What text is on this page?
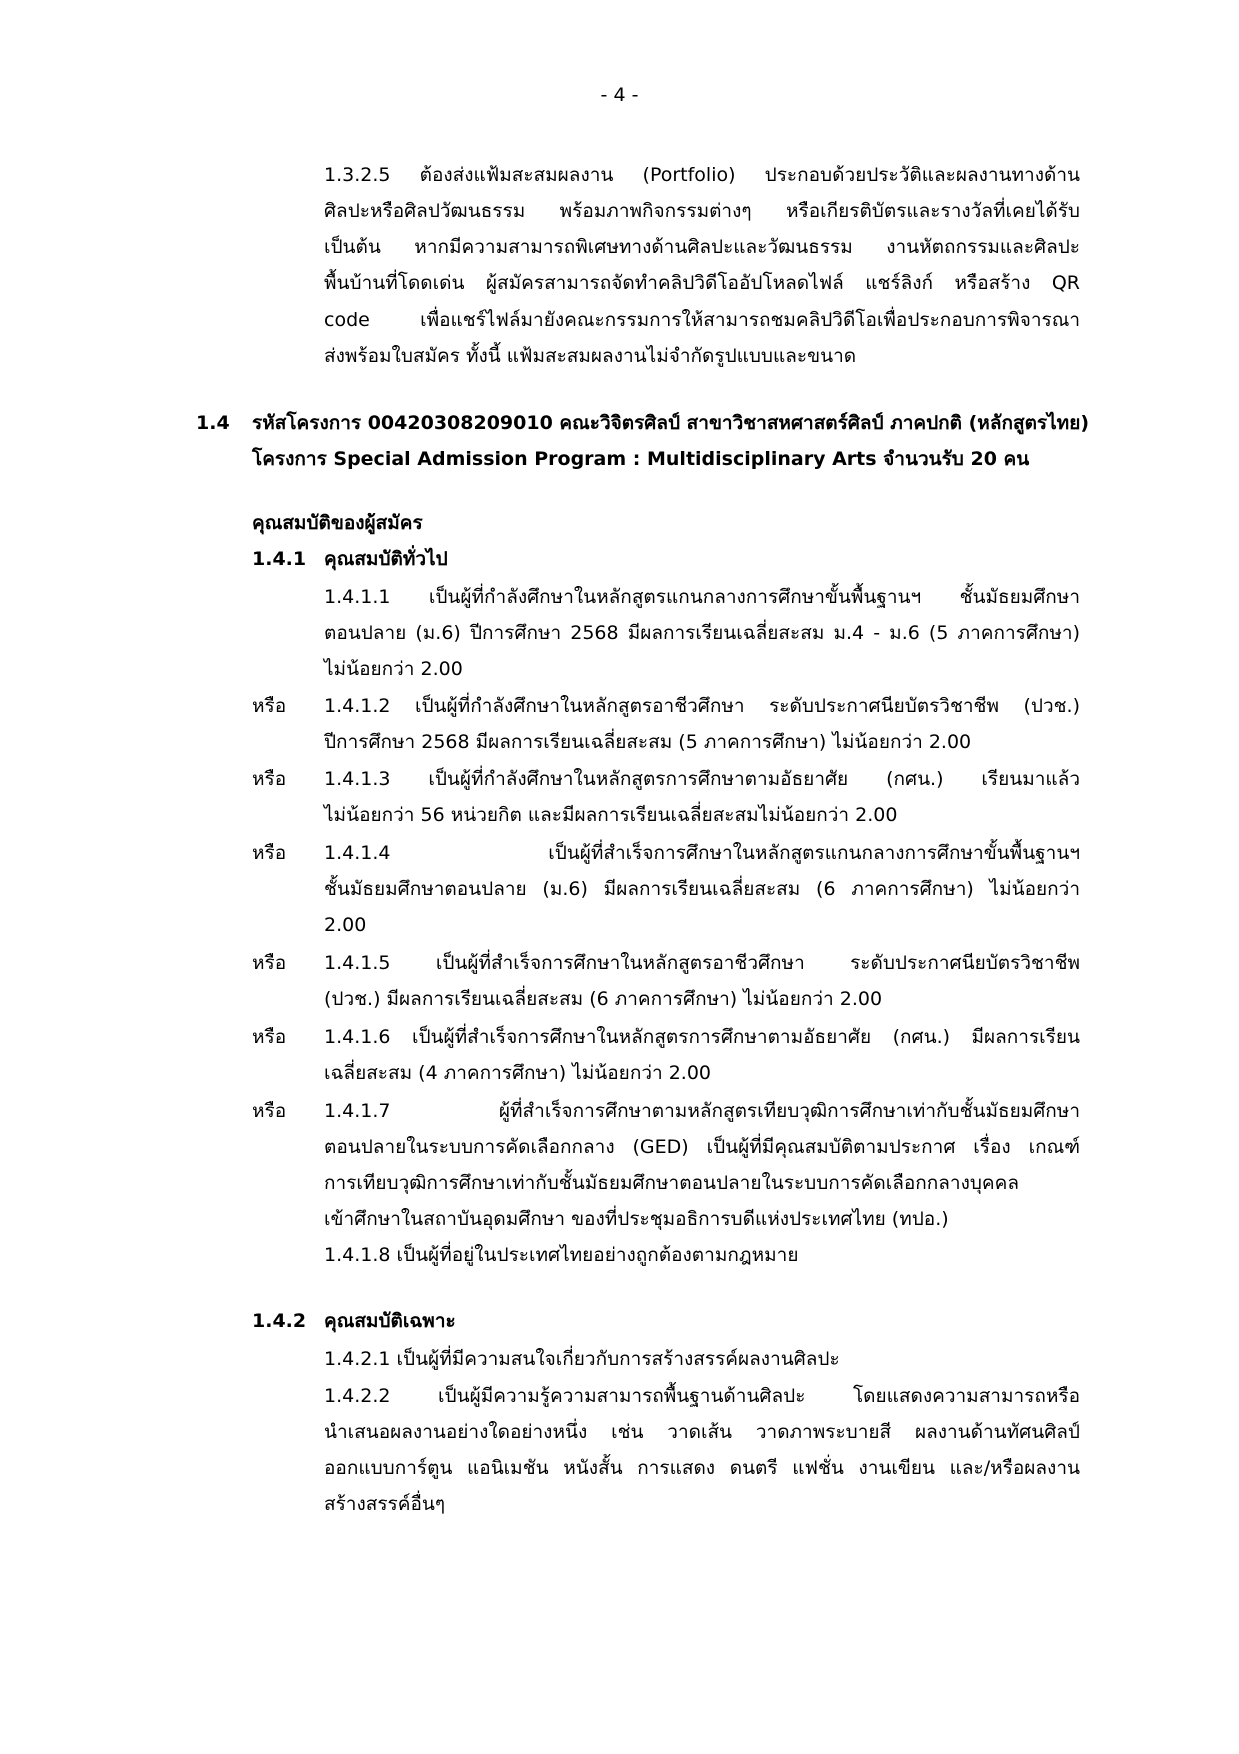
- 4 -
1.3.2.5 ต้องส่งแฟ้มสะสมผลงาน (Portfolio) ประกอบด้วยประวัติและผลงานทางด้าน
ศิลปะหรือศิลปวัฒนธรรม พร้อมภาพกิจกรรมต่างๆ หรือเกียรติบัตรและรางวัลที่เคยได้รับ
เป็นต้น หากมีความสามารถพิเศษทางด้านศิลปะและวัฒนธรรม งานหัตถกรรมและศิลปะ
พื้นบ้านที่โดดเด่น ผู้สมัครสามารถจัดทำคลิปวิดีโออัปโหลดไฟล์ แชร์ลิงก์ หรือสร้าง QR
code เพื่อแชร์ไฟล์มายังคณะกรรมการให้สามารถชมคลิปวิดีโอเพื่อประกอบการพิจารณา
ส่งพร้อมใบสมัคร ทั้งนี้ แฟ้มสะสมผลงานไม่จำกัดรูปแบบและขนาด
1.4 รหัสโครงการ 00420308209010 คณะวิจิตรศิลป์ สาขาวิชาสหศาสตร์ศิลป์ ภาคปกติ (หลักสูตรไทย)
โครงการ Special Admission Program : Multidisciplinary Arts จำนวนรับ 20 คน
คุณสมบัติของผู้สมัคร
1.4.1 คุณสมบัติทั่วไป
1.4.1.1 เป็นผู้ที่กำลังศึกษาในหลักสูตรแกนกลางการศึกษาขั้นพื้นฐานฯ ชั้นมัธยมศึกษา
ตอนปลาย (ม.6) ปีการศึกษา 2568 มีผลการเรียนเฉลี่ยสะสม ม.4 - ม.6 (5 ภาคการศึกษา)
ไม่น้อยกว่า 2.00
หรือ 1.4.1.2 เป็นผู้ที่กำลังศึกษาในหลักสูตรอาชีวศึกษา ระดับประกาศนียบัตรวิชาชีพ (ปวช.)
ปีการศึกษา 2568 มีผลการเรียนเฉลี่ยสะสม (5 ภาคการศึกษา) ไม่น้อยกว่า 2.00
หรือ 1.4.1.3 เป็นผู้ที่กำลังศึกษาในหลักสูตรการศึกษาตามอัธยาศัย (กศน.) เรียนมาแล้ว
ไม่น้อยกว่า 56 หน่วยกิต และมีผลการเรียนเฉลี่ยสะสมไม่น้อยกว่า 2.00
หรือ 1.4.1.4 เป็นผู้ที่สำเร็จการศึกษาในหลักสูตรแกนกลางการศึกษาขั้นพื้นฐานฯ
ชั้นมัธยมศึกษาตอนปลาย (ม.6) มีผลการเรียนเฉลี่ยสะสม (6 ภาคการศึกษา) ไม่น้อยกว่า
2.00
หรือ 1.4.1.5 เป็นผู้ที่สำเร็จการศึกษาในหลักสูตรอาชีวศึกษา ระดับประกาศนียบัตรวิชาชีพ
(ปวช.) มีผลการเรียนเฉลี่ยสะสม (6 ภาคการศึกษา) ไม่น้อยกว่า 2.00
หรือ 1.4.1.6 เป็นผู้ที่สำเร็จการศึกษาในหลักสูตรการศึกษาตามอัธยาศัย (กศน.) มีผลการเรียน
เฉลี่ยสะสม (4 ภาคการศึกษา) ไม่น้อยกว่า 2.00
หรือ 1.4.1.7 ผู้ที่สำเร็จการศึกษาตามหลักสูตรเทียบวุฒิการศึกษาเท่ากับชั้นมัธยมศึกษา
ตอนปลายในระบบการคัดเลือกกลาง (GED) เป็นผู้ที่มีคุณสมบัติตามประกาศ เรื่อง เกณฑ์
การเทียบวุฒิการศึกษาเท่ากับชั้นมัธยมศึกษาตอนปลายในระบบการคัดเลือกกลางบุคคล
เข้าศึกษาในสถาบันอุดมศึกษา ของที่ประชุมอธิการบดีแห่งประเทศไทย (ทปอ.)
1.4.1.8 เป็นผู้ที่อยู่ในประเทศไทยอย่างถูกต้องตามกฎหมาย
1.4.2 คุณสมบัติเฉพาะ
1.4.2.1 เป็นผู้ที่มีความสนใจเกี่ยวกับการสร้างสรรค์ผลงานศิลปะ
1.4.2.2 เป็นผู้มีความรู้ความสามารถพื้นฐานด้านศิลปะ โดยแสดงความสามารถหรือ
นำเสนอผลงานอย่างใดอย่างหนึ่ง เช่น วาดเส้น วาดภาพระบายสี ผลงานด้านทัศนศิลป์
ออกแบบการ์ตูน แอนิเมชัน หนังสั้น การแสดง ดนตรี แฟชั่น งานเขียน และ/หรือผลงาน
สร้างสรรค์อื่นๆ
